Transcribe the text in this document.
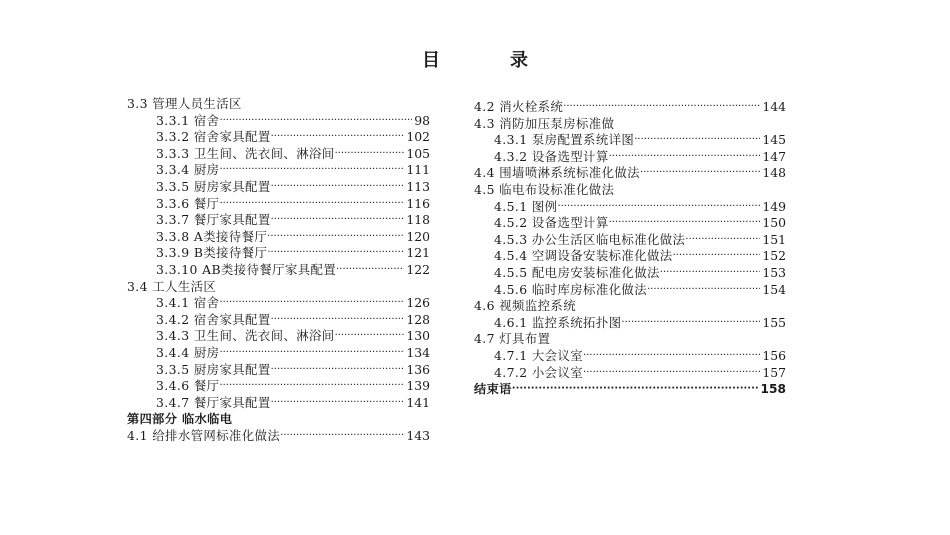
目　录
3.3 管理人员生活区
3.3.1 宿舍 ·····	98
3.3.2 宿舍家具配置 ·····	102
3.3.3 卫生间、洗衣间、淋浴间 ·····	105
3.3.4 厨房 ·····	111
3.3.5 厨房家具配置 ·····	113
3.3.6 餐厅 ·····	116
3.3.7 餐厅家具配置 ·····	118
3.3.8 A类接待餐厅 ·····	120
3.3.9 B类接待餐厅 ·····	121
3.3.10 AB类接待餐厅家具配置 ·····	122
3.4 工人生活区
3.4.1 宿舍 ·····	126
3.4.2 宿舍家具配置 ·····	128
3.4.3 卫生间、洗衣间、淋浴间 ·····	130
3.4.4 厨房 ·····	134
3.3.5 厨房家具配置 ·····	136
3.4.6 餐厅 ·····	139
3.4.7 餐厅家具配置 ·····	141
第四部分 临水临电
4.1 给排水管网标准化做法 ·····	143
4.2 消火栓系统 ·····	144
4.3 消防加压泵房标准做
4.3.1 泵房配置系统详图 ·····	145
4.3.2 设备选型计算 ·····	147
4.4 围墙喷淋系统标准化做法 ·····	148
4.5 临电布设标准化做法
4.5.1 图例 ·····	149
4.5.2 设备选型计算 ·····	150
4.5.3 办公生活区临电标准化做法 ·····	151
4.5.4 空调设备安装标准化做法 ·····	152
4.5.5 配电房安装标准化做法 ·····	153
4.5.6 临时库房标准化做法 ·····	154
4.6 视频监控系统
4.6.1 监控系统拓扑图 ·····	155
4.7 灯具布置
4.7.1 大会议室 ·····	156
4.7.2 小会议室 ·····	157
结束语 ·····	158
